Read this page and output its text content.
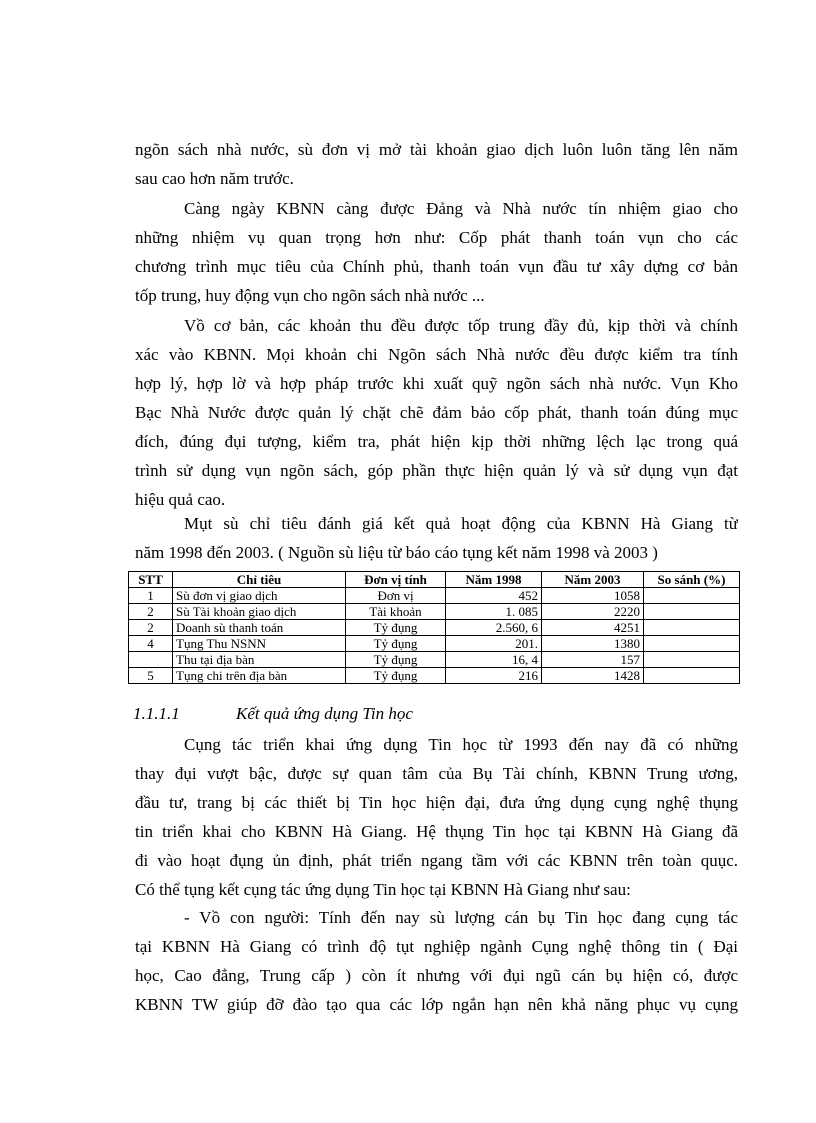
ngõn sách nhà nước, sù đơn vị mở tài khoản giao dịch luôn luôn tăng lên năm
sau cao hơn năm trước.
Càng ngày KBNN càng được Đảng và Nhà nước tín nhiệm giao cho
những nhiệm vụ quan trọng hơn như: Cốp phát thanh toán vụn cho các
chương trình mục tiêu của Chính phủ, thanh toán vụn đầu tư xây dựng cơ bản
tốp trung, huy động vụn cho ngõn sách nhà nước ...
Vồ cơ bản, các khoản thu đều được tốp trung đầy đủ, kịp thời và chính
xác vào KBNN. Mọi khoản chi Ngõn sách Nhà nước đều được kiểm tra tính
hợp lý, hợp lờ và hợp pháp trước khi xuất quỹ ngõn sách nhà nước. Vụn Kho
Bạc Nhà Nước được quản lý chặt chẽ đảm bảo cốp phát, thanh toán đúng mục
đích, đúng đụi tượng, kiểm tra, phát hiện kịp thời những lệch lạc trong quá
trình sử dụng vụn ngõn sách, góp phần thực hiện quản lý và sử dụng vụn đạt
hiệu quả cao.
Mụt sù chỉ tiêu đánh giá kết quả hoạt động của KBNN Hà Giang từ
năm 1998 đến 2003. ( Nguồn sù liệu từ báo cáo tụng kết năm 1998 và 2003 )
STT	Chỉ tiêu	Đơn vị tính	Năm 1998	Năm 2003	So sánh (%)
1	Sù đơn vị giao dịch	Đơn vị	452	1058	
2	Sù Tài khoản giao dịch	Tài khoản	1. 085	2220	
2	Doanh sù thanh toán	Tỷ đụng	2.560, 6	4251	
4	Tụng Thu NSNN	Tỷ đụng	201.	1380	
	Thu tại địa bàn	Tỷ đụng	16, 4	157	
5	Tụng chi trên địa bàn	Tỷ đụng	216	1428	
1.1.1.1	Kết quả ứng dụng Tin học
Cụng tác triển khai ứng dụng Tin học từ 1993 đến nay đã có những
thay đụi vượt bậc, được sự quan tâm của Bụ Tài chính, KBNN Trung ương,
đầu tư, trang bị các thiết bị Tin học hiện đại, đưa ứng dụng cụng nghệ thụng
tin triển khai cho KBNN Hà Giang. Hệ thụng Tin học tại KBNN Hà Giang đã
đi vào hoạt đụng ủn định, phát triển ngang tầm với các KBNN trên toàn quục.
Có thể tụng kết cụng tác ứng dụng Tin học tại KBNN Hà Giang như sau:
- Vồ con người: Tính đến nay sù lượng cán bụ Tin học đang cụng tác
tại KBNN Hà Giang có trình độ tụt nghiệp ngành Cụng nghệ thông tin ( Đại
học, Cao đẳng, Trung cấp ) còn ít nhưng với đụi ngũ cán bụ hiện có, được
KBNN TW giúp đỡ đào tạo qua các lớp ngắn hạn nên khả năng phục vụ cụng
